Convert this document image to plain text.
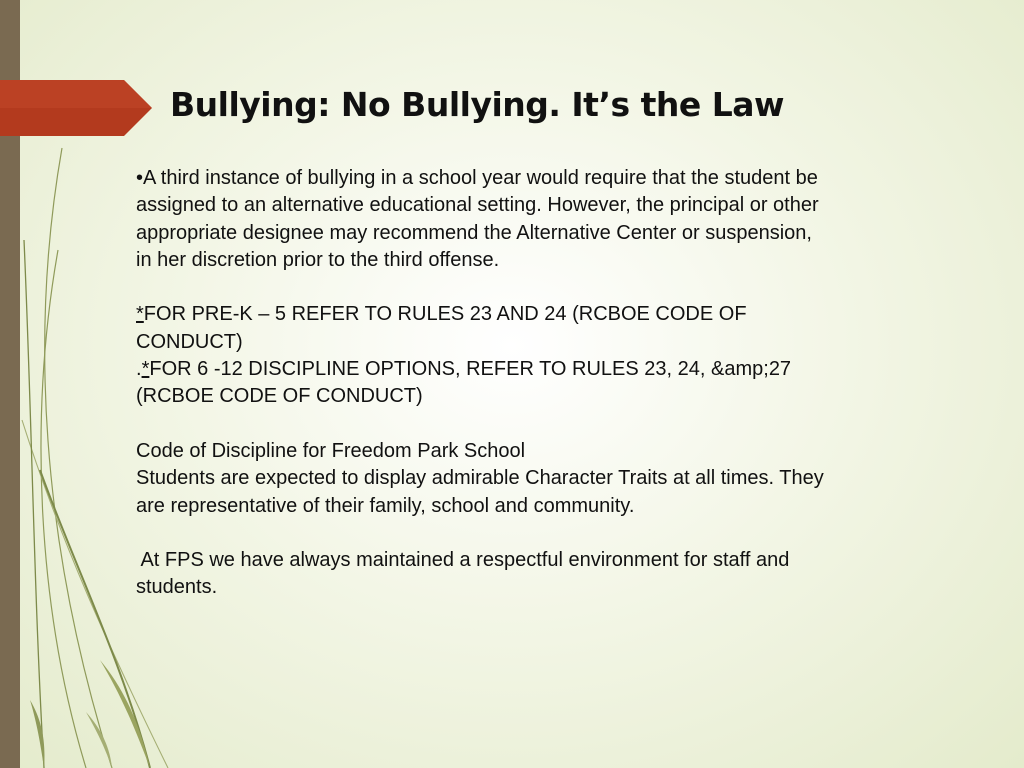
Bullying: No Bullying. It’s the Law

•A third instance of bullying in a school year would require that the student be

assigned to an alternative educational setting. However, the principal or other

appropriate designee may recommend the Alternative Center or suspension,

in her discretion prior to the third offense.

*FOR PRE-K – 5 REFER TO RULES 23 AND 24 (RCBOE CODE OF

CONDUCT)

.*FOR 6 -12 DISCIPLINE OPTIONS, REFER TO RULES 23, 24, &amp;27

(RCBOE CODE OF CONDUCT)

Code of Discipline for Freedom Park School

Students are expected to display admirable Character Traits at all times. They

are representative of their family, school and community.

At FPS we have always maintained a respectful environment for staff and

students.
